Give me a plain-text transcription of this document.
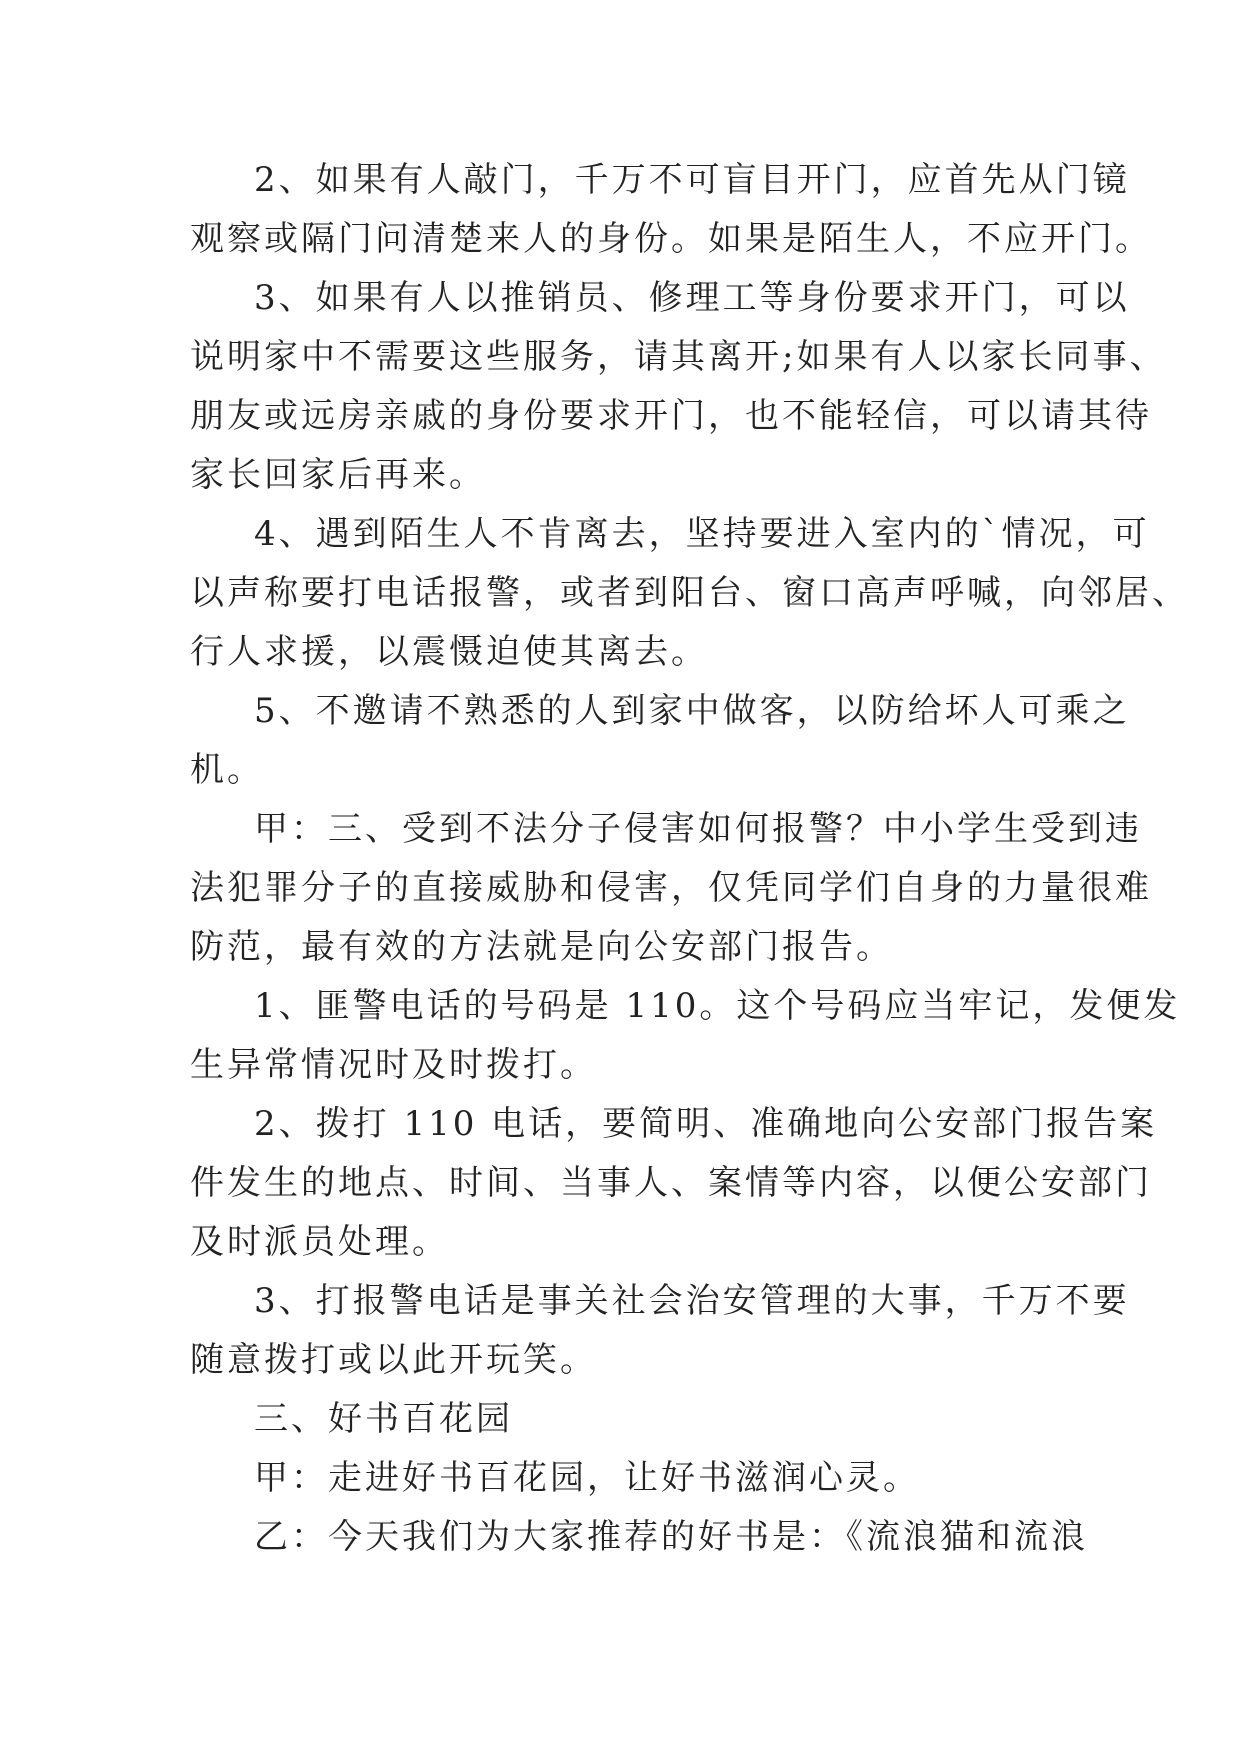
2、如果有人敲门，千万不可盲目开门，应首先从门镜
观察或隔门问清楚来人的身份。如果是陌生人，不应开门。
3、如果有人以推销员、修理工等身份要求开门，可以
说明家中不需要这些服务，请其离开;如果有人以家长同事、
朋友或远房亲戚的身份要求开门，也不能轻信，可以请其待
家长回家后再来。
4、遇到陌生人不肯离去，坚持要进入室内的`情况，可
以声称要打电话报警，或者到阳台、窗口高声呼喊，向邻居、
行人求援，以震慑迫使其离去。
5、不邀请不熟悉的人到家中做客，以防给坏人可乘之
机。
甲：三、受到不法分子侵害如何报警？中小学生受到违
法犯罪分子的直接威胁和侵害，仅凭同学们自身的力量很难
防范，最有效的方法就是向公安部门报告。
1、匪警电话的号码是 110。这个号码应当牢记，发便发
生异常情况时及时拨打。
2、拨打 110 电话，要简明、准确地向公安部门报告案
件发生的地点、时间、当事人、案情等内容，以便公安部门
及时派员处理。
3、打报警电话是事关社会治安管理的大事，千万不要
随意拨打或以此开玩笑。
三、好书百花园
甲：走进好书百花园，让好书滋润心灵。
乙：今天我们为大家推荐的好书是：《流浪猫和流浪
